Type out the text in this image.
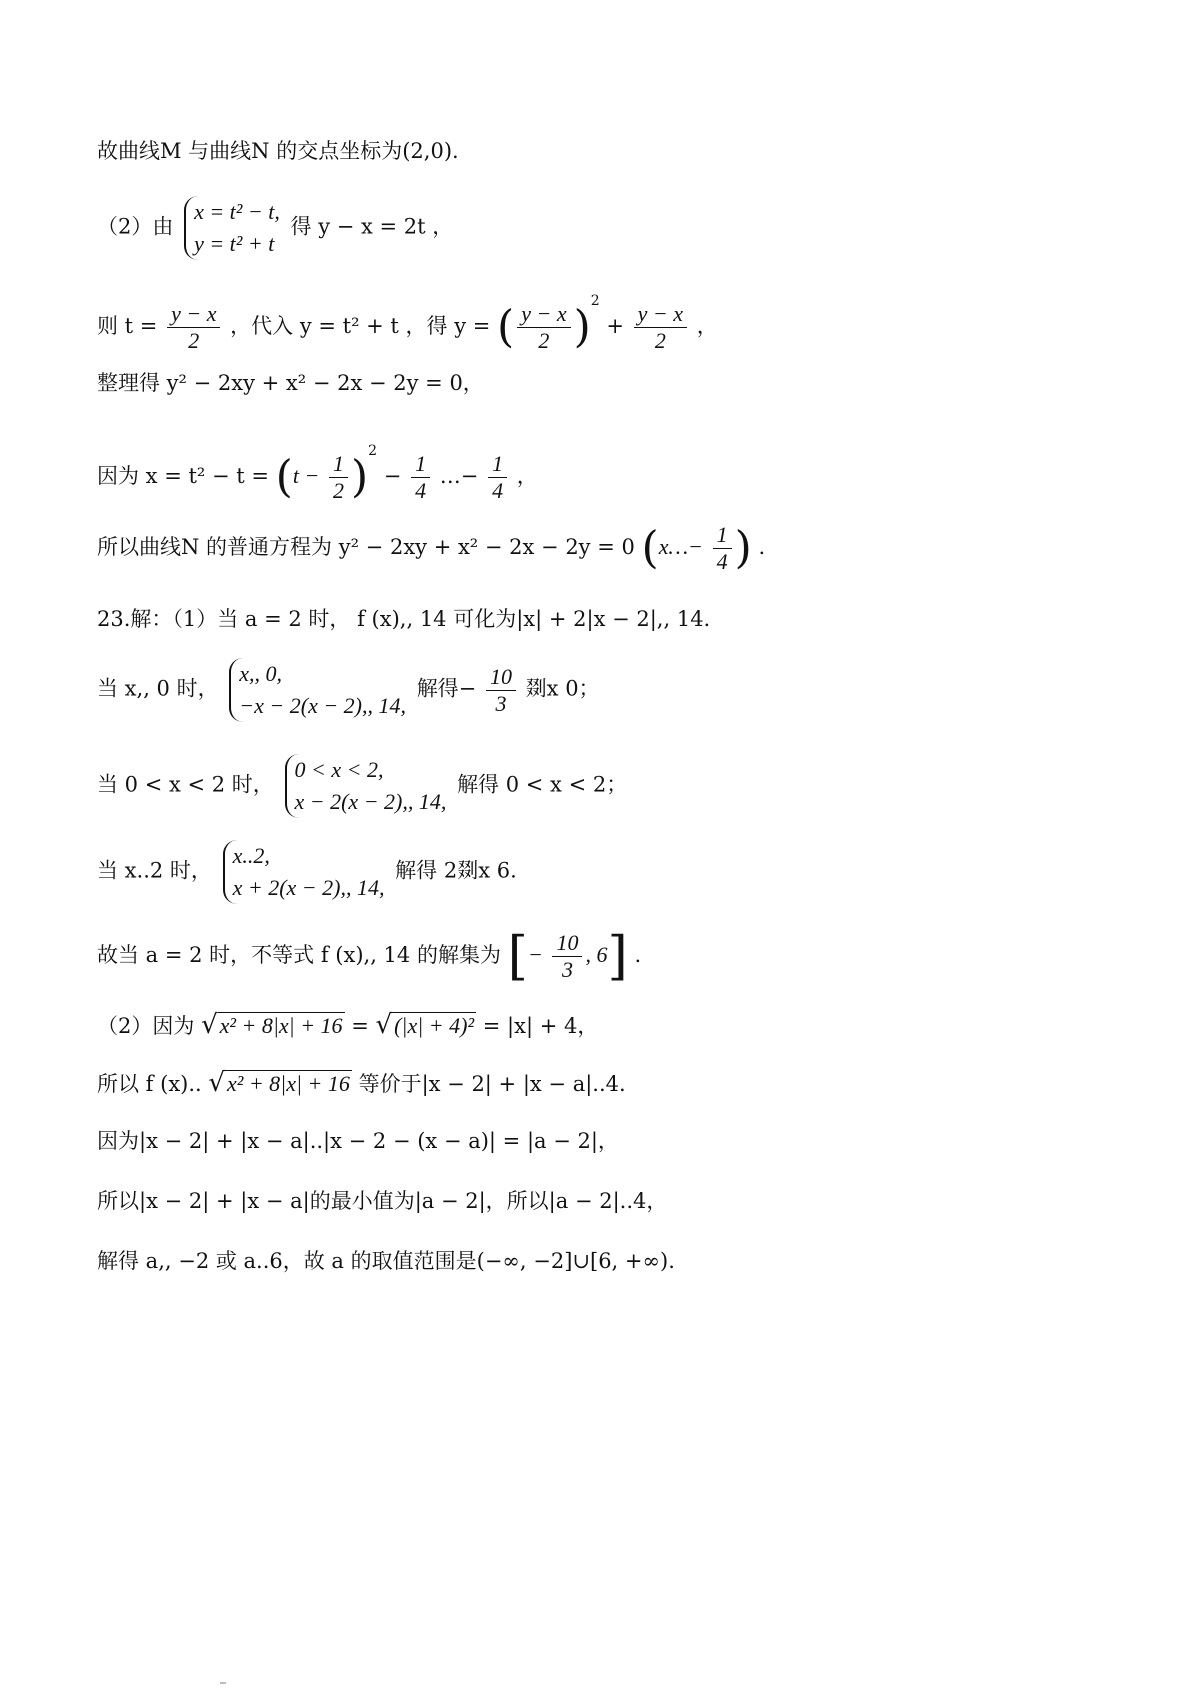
故曲线M 与曲线N 的交点坐标为(2,0).
（2）由
x = t² − t,
y = t² + t
得 y − x = 2t ，
则 $t = \frac{y - x}{2}$ ，代入 y = t² + t ，得 y = ( $\frac{y - x}{2} )^2 + \frac{y - x}{2}$ ，
整理得 y² − 2xy + x² − 2x − 2y = 0，
因为 $x = t^2 - t = (t - \frac{1}{2} )^2 - \frac{1}{4}$ …− $\frac{1}{4}$ ，
所以曲线N 的普通方程为 y² − 2xy + x² − 2x − 2y = 0 (x…− $\frac{1}{4}$ ) .
23.解：（1）当 a = 2 时， f (x),, 14 可化为|x| + 2|x − 2|,, 14.
当 x,, 0 时，
x,, 0,
−x − 2(x − 2),, 14,
解得− $\frac{10}{3}$ 剟x 0；
当 0 < x < 2 时，
0 < x < 2,
x − 2(x − 2),, 14,
解得 0 < x < 2；
当 x..2 时，
x..2,
x + 2(x − 2),, 14,
解得 2剟x 6.
故当 a = 2 时，不等式 f (x),, 14 的解集为 [− $\frac{10}{3}$ , 6] .
（2）因为 √x² + 8|x| + 16 = √(|x| + 4)² = |x| + 4，
所以 f (x).. √x² + 8|x| + 16 等价于|x − 2| + |x − a|..4.
因为|x − 2| + |x − a|..|x − 2 − (x − a)| = |a − 2|，
所以|x − 2| + |x − a|的最小值为|a − 2|，所以|a − 2|..4，
解得 a,, −2 或 a..6，故 a 的取值范围是(−∞, −2]∪[6, +∞).
